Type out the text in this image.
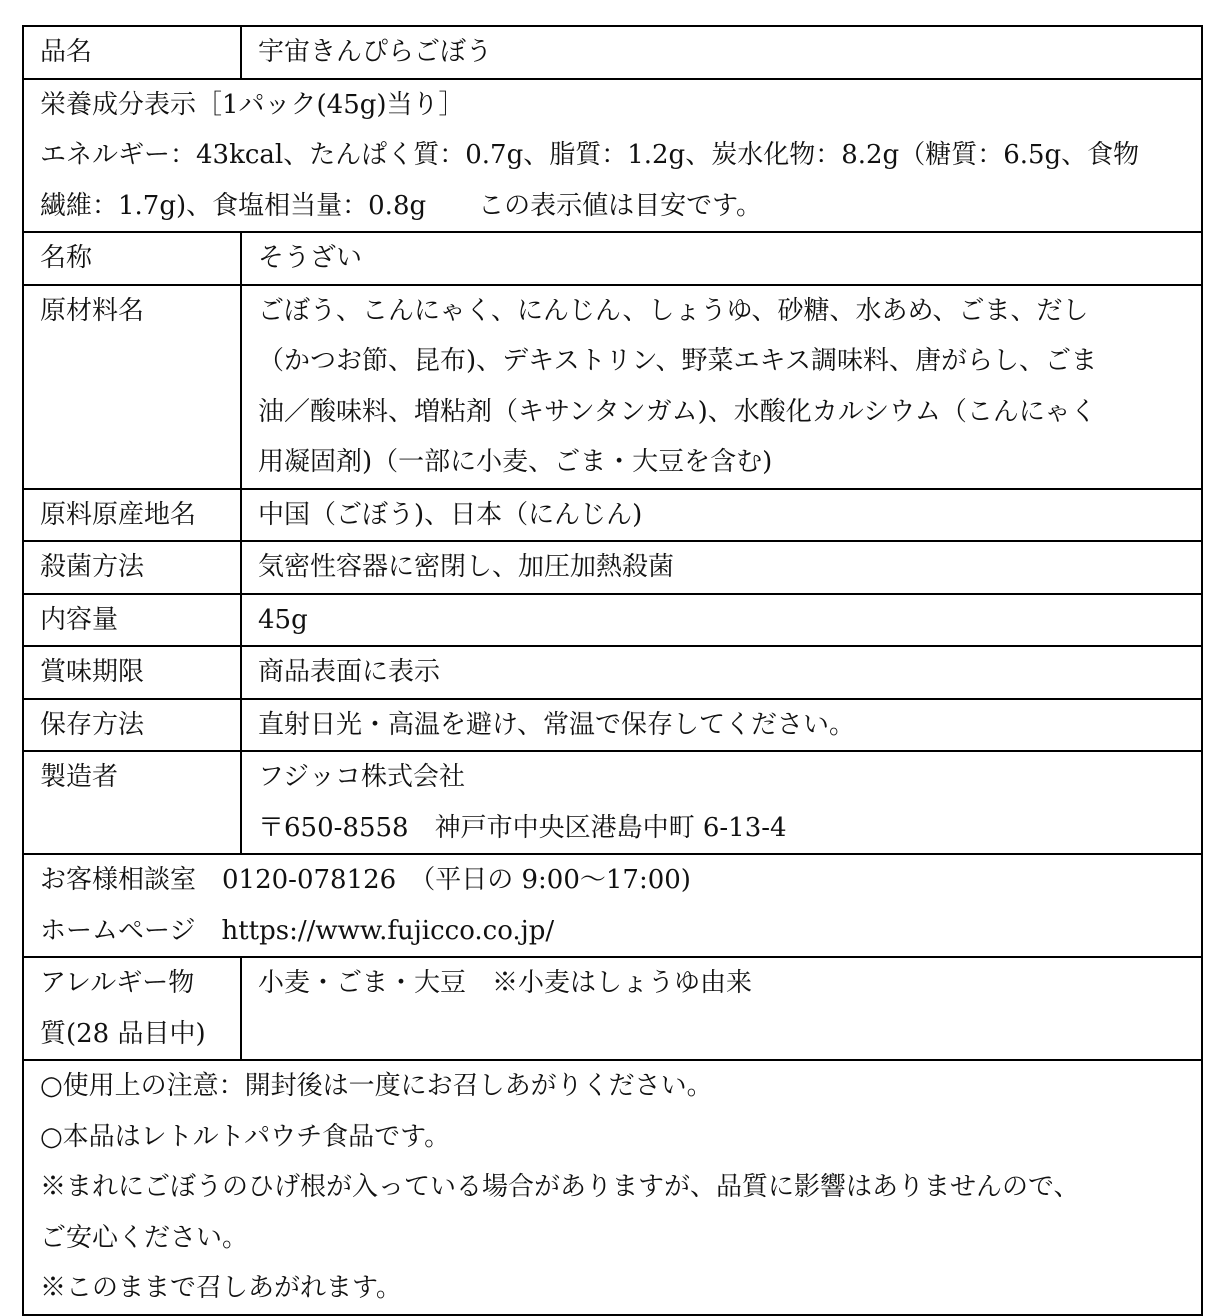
品名	宇宙きんぴらごぼう

栄養成分表示［1パック(45g)当り］
エネルギー：43kcal、たんぱく質：0.7g、脂質：1.2g、炭水化物：8.2g（糖質：6.5g、食物
繊維：1.7g)、食塩相当量：0.8g　　この表示値は目安です。	

名称	そうざい
原材料名	ごぼう、こんにゃく、にんじん、しょうゆ、砂糖、水あめ、ごま、だし
（かつお節、昆布)、デキストリン、野菜エキス調味料、唐がらし、ごま
油／酸味料、増粘剤（キサンタンガム)、水酸化カルシウム（こんにゃく
用凝固剤)（一部に小麦、ごま・大豆を含む)

原料原産地名	中国（ごぼう)、日本（にんじん)
殺菌方法	気密性容器に密閉し、加圧加熱殺菌
内容量	45g
賞味期限	商品表面に表示
保存方法	直射日光・高温を避け、常温で保存してください。
製造者	フジッコ株式会社
〒650-8558　神戸市中央区港島中町 6-13-4

お客様相談室　0120-078126　（平日の 9:00～17:00)
ホームページ　https://www.fujicco.co.jp/	

アレルギー物
質(28 品目中)	小麦・ごま・大豆　※小麦はしょうゆ由来

○使用上の注意：開封後は一度にお召しあがりください。
○本品はレトルトパウチ食品です。
※まれにごぼうのひげ根が入っている場合がありますが、品質に影響はありませんので、
ご安心ください。
※このままで召しあがれます。	
